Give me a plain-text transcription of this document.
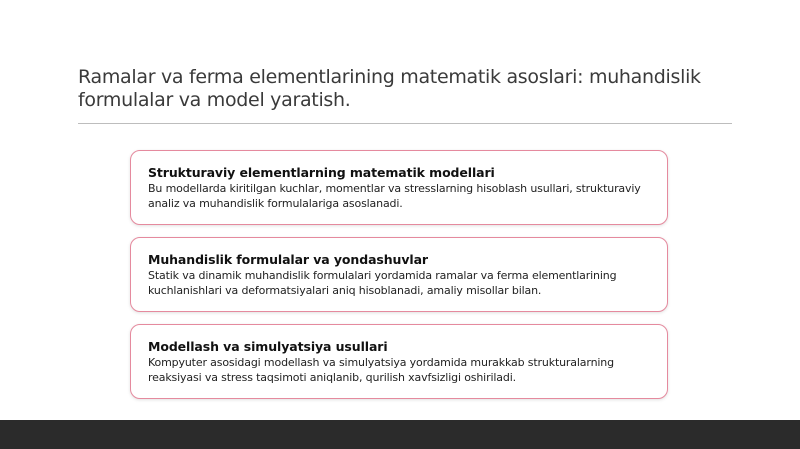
Ramalar va ferma elementlarining matematik asoslari: muhandislik formulalar va model yaratish.

Strukturaviy elementlarning matematik modellari

Bu modellarda kiritilgan kuchlar, momentlar va stresslarning hisoblash usullari, strukturaviy analiz va muhandislik formulalariga asoslanadi.

Muhandislik formulalar va yondashuvlar

Statik va dinamik muhandislik formulalari yordamida ramalar va ferma elementlarining kuchlanishlari va deformatsiyalari aniq hisoblanadi, amaliy misollar bilan.

Modellash va simulyatsiya usullari

Kompyuter asosidagi modellash va simulyatsiya yordamida murakkab strukturalarning reaksiyasi va stress taqsimoti aniqlanib, qurilish xavfsizligi oshiriladi.
